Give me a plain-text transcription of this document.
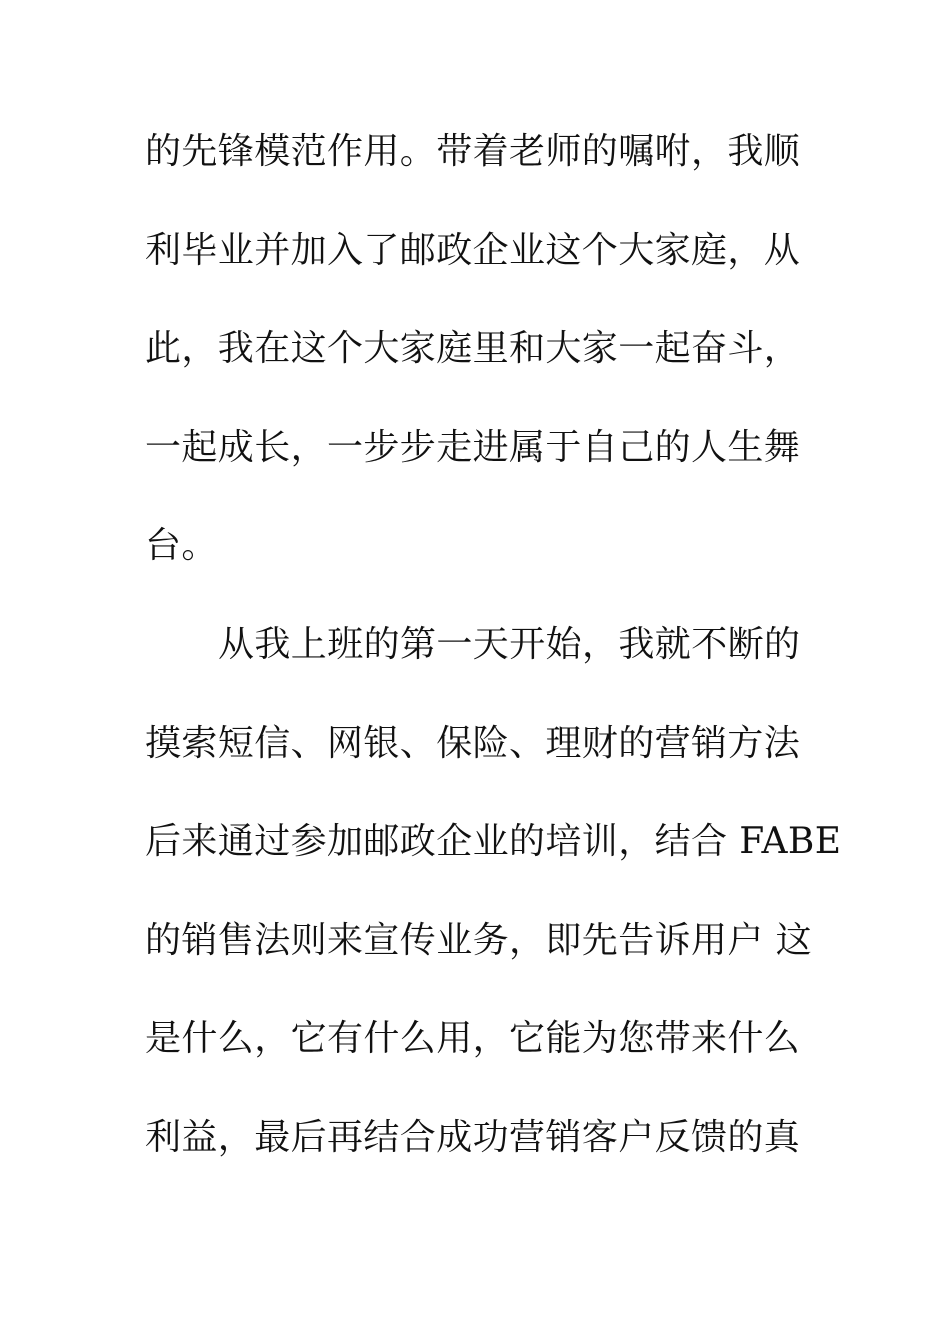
的先锋模范作用。带着老师的嘱咐，我顺
利毕业并加入了邮政企业这个大家庭，从
此，我在这个大家庭里和大家一起奋斗，
一起成长，一步步走进属于自己的人生舞
台。
从我上班的第一天开始，我就不断的
摸索短信、网银、保险、理财的营销方法
后来通过参加邮政企业的培训，结合 FABE
的销售法则来宣传业务，即先告诉用户 这
是什么，它有什么用，它能为您带来什么
利益，最后再结合成功营销客户反馈的真
